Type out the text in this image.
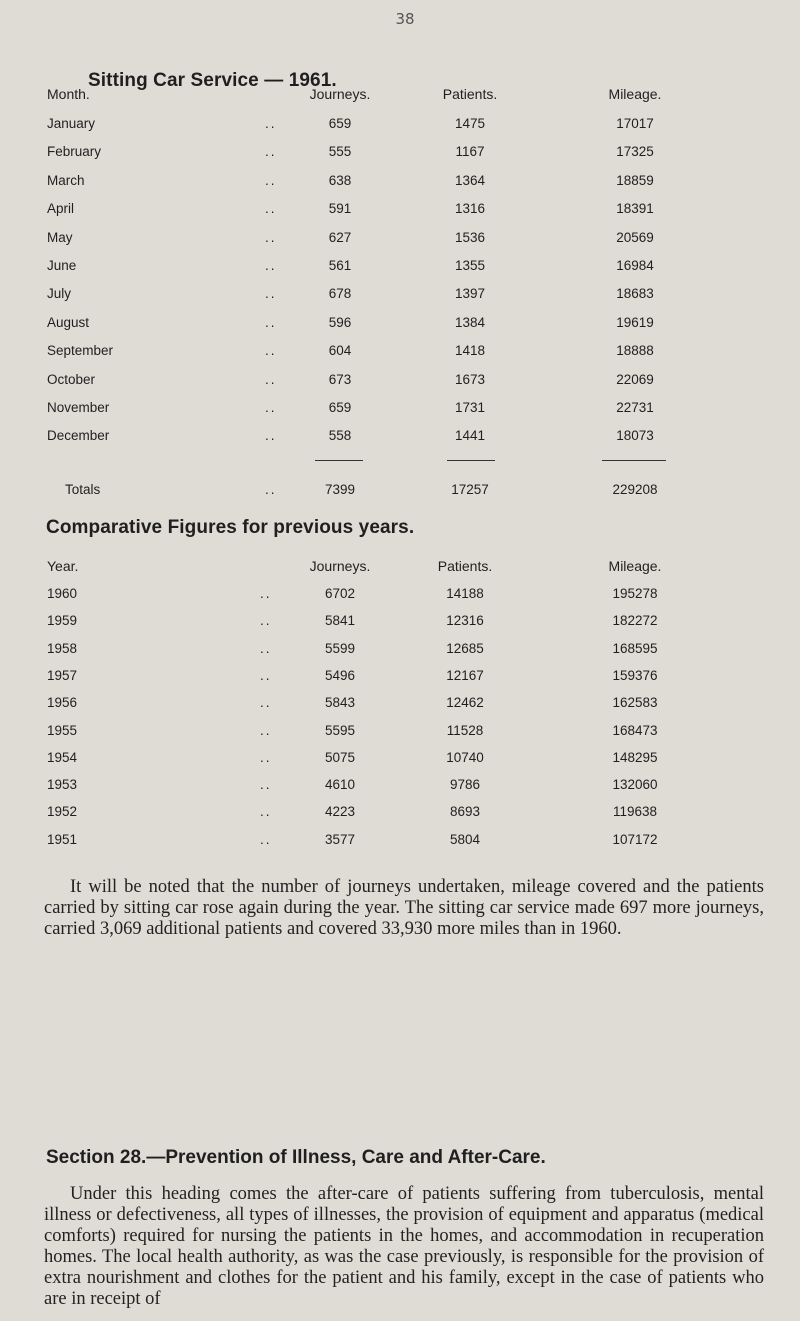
38
Sitting Car Service — 1961.
Month.	Journeys.	Patients.	Mileage.
January	..	659	1475	17017
February	..	555	1167	17325
March	..	638	1364	18859
April	..	591	1316	18391
May	..	627	1536	20569
June	..	561	1355	16984
July	..	678	1397	18683
August	..	596	1384	19619
September	..	604	1418	18888
October	..	673	1673	22069
November	..	659	1731	22731
December	..	558	1441	18073
Totals	..	7399	17257	229208
Comparative Figures for previous years.
Year.	Journeys.	Patients.	Mileage.
1960	..	6702	14188	195278
1959	..	5841	12316	182272
1958	..	5599	12685	168595
1957	..	5496	12167	159376
1956	..	5843	12462	162583
1955	..	5595	11528	168473
1954	..	5075	10740	148295
1953	..	4610	9786	132060
1952	..	4223	8693	119638
1951	..	3577	5804	107172

It will be noted that the number of journeys undertaken, mileage covered and the patients carried by sitting car rose again during the year. The sitting car service made 697 more journeys, carried 3,069 additional patients and covered 33,930 more miles than in 1960.

Section 28.—Prevention of Illness, Care and After-Care.

Under this heading comes the after-care of patients suffering from tuberculosis, mental illness or defectiveness, all types of illnesses, the provision of equipment and apparatus (medical comforts) required for nursing the patients in the homes, and accommodation in recuperation homes. The local health authority, as was the case previously, is responsible for the provision of extra nourishment and clothes for the patient and his family, except in the case of patients who are in receipt of
